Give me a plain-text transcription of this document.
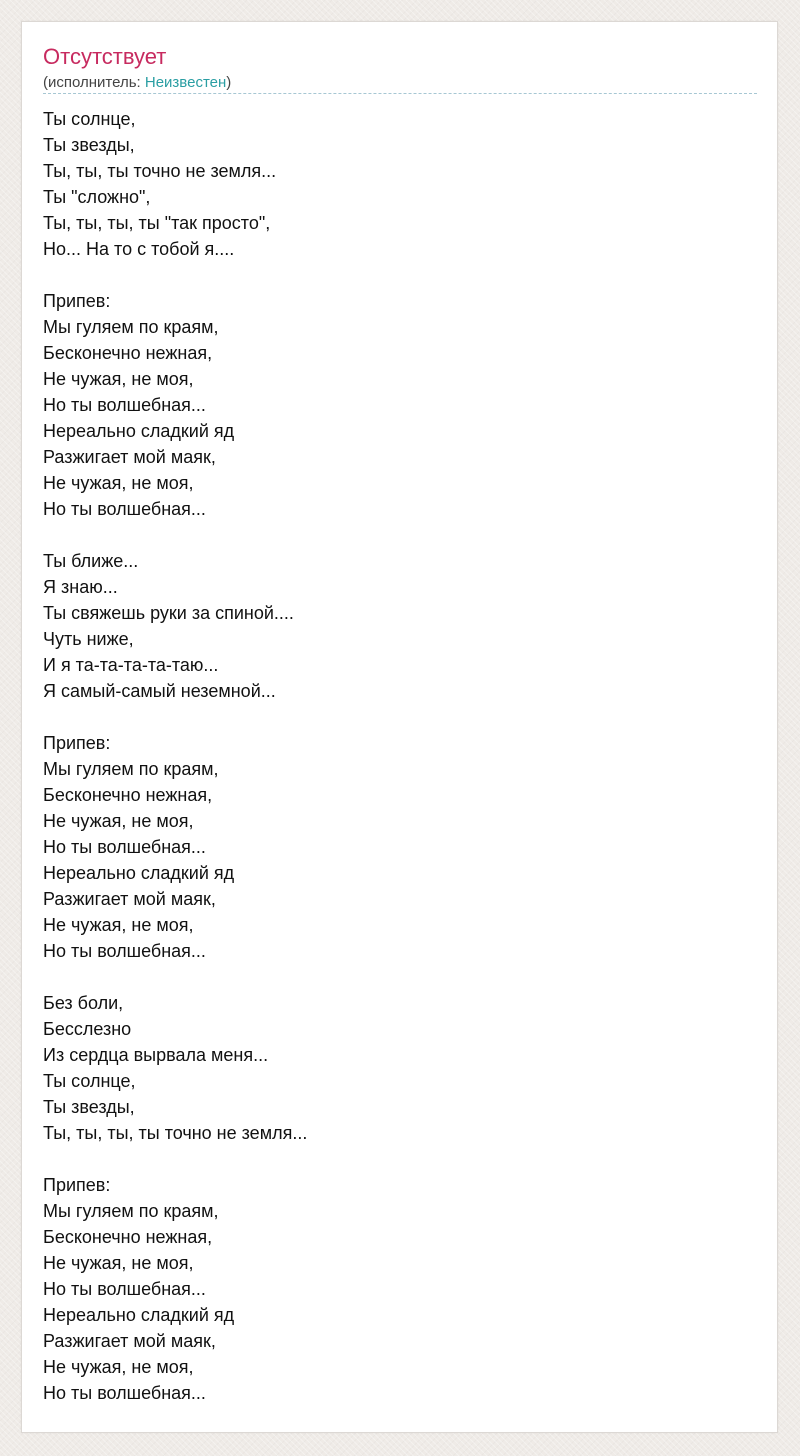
Отсутствует
(исполнитель: Неизвестен)
Ты солнце,
Ты звезды,
Ты, ты, ты точно не земля...
Ты "сложно",
Ты, ты, ты, ты "так просто",
Но... На то с тобой я....

Припев:
Мы гуляем по краям,
Бесконечно нежная,
Не чужая, не моя,
Но ты волшебная...
Нереально сладкий яд
Разжигает мой маяк,
Не чужая, не моя,
Но ты волшебная...

Ты ближе...
Я знаю...
Ты свяжешь руки за спиной....
Чуть ниже,
И я та-та-та-та-таю...
Я самый-самый неземной...

Припев:
Мы гуляем по краям,
Бесконечно нежная,
Не чужая, не моя,
Но ты волшебная...
Нереально сладкий яд
Разжигает мой маяк,
Не чужая, не моя,
Но ты волшебная...

Без боли,
Бесслезно
Из сердца вырвала меня...
Ты солнце,
Ты звезды,
Ты, ты, ты, ты точно не земля...

Припев:
Мы гуляем по краям,
Бесконечно нежная,
Не чужая, не моя,
Но ты волшебная...
Нереально сладкий яд
Разжигает мой маяк,
Не чужая, не моя,
Но ты волшебная...
